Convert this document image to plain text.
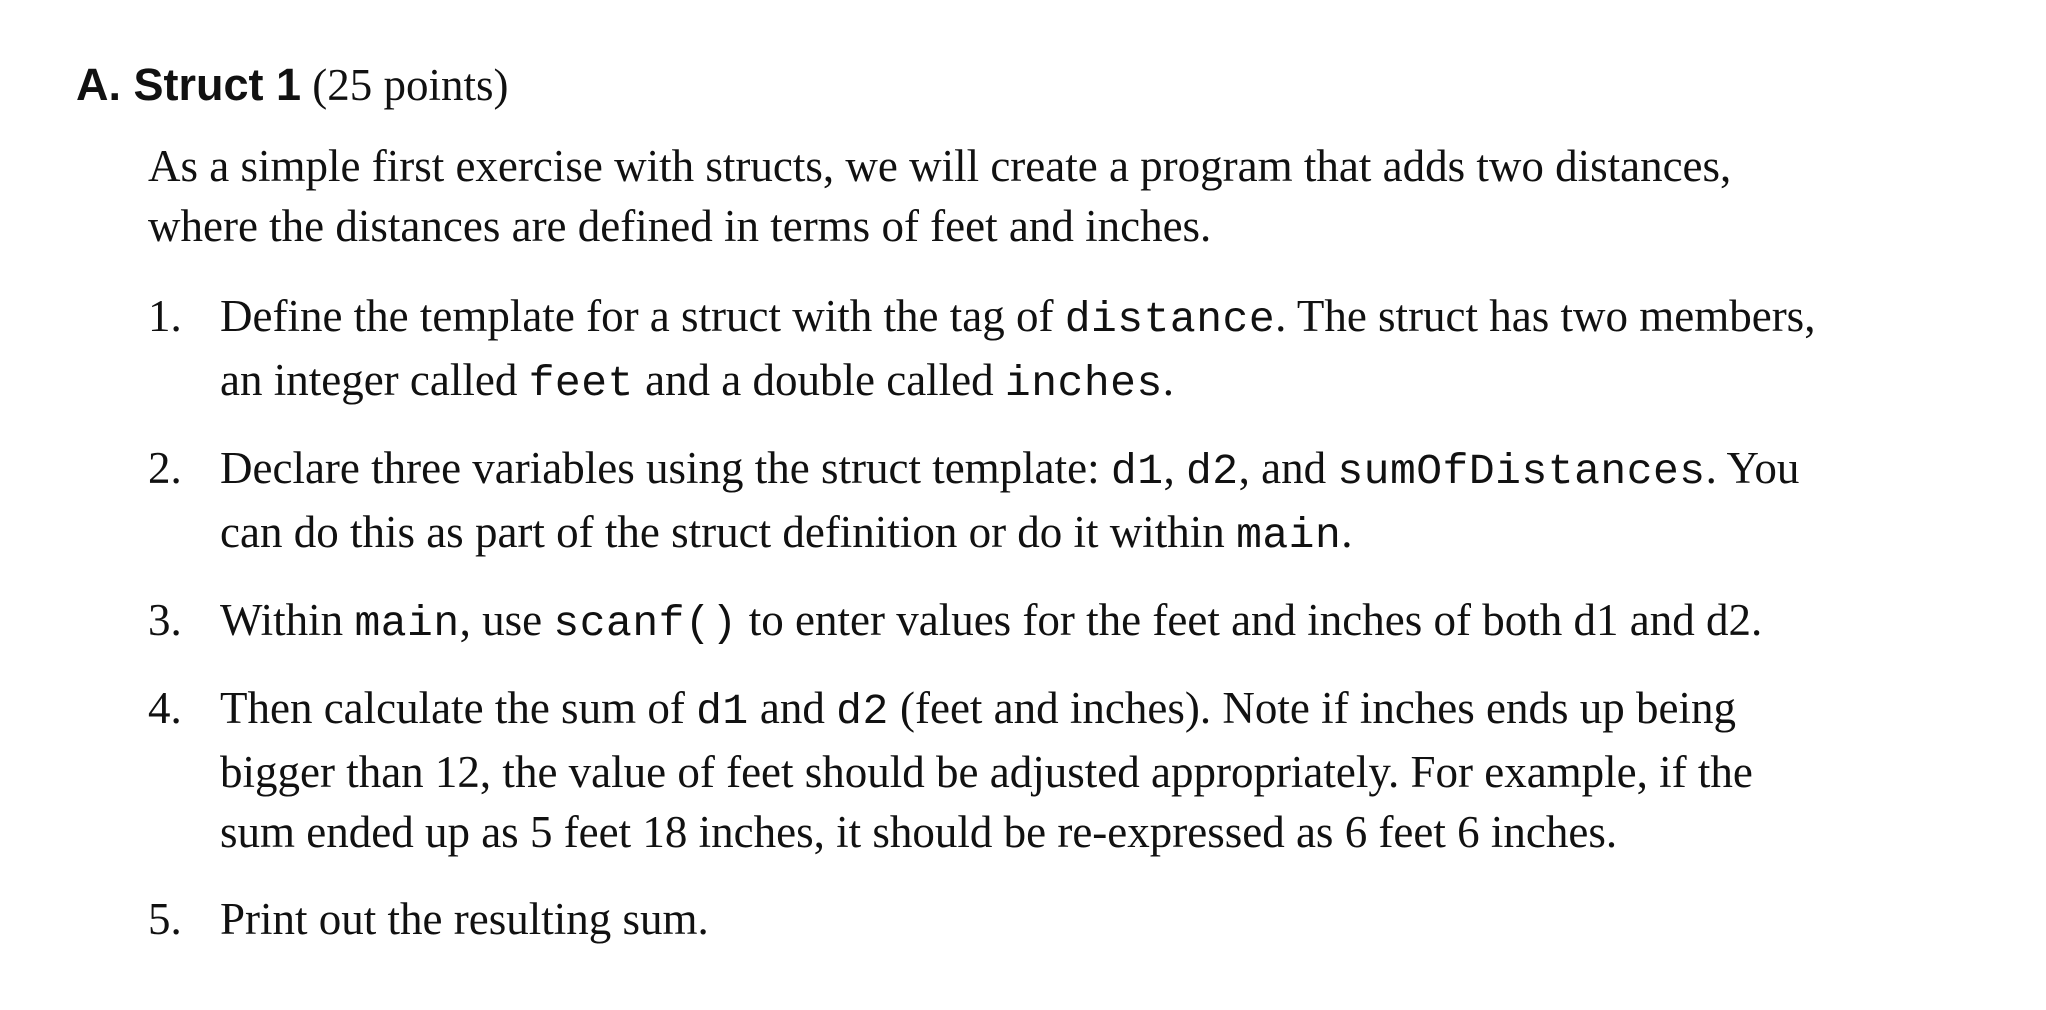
A. Struct 1 (25 points)
As a simple first exercise with structs, we will create a program that adds two distances,
where the distances are defined in terms of feet and inches.
1. Define the template for a struct with the tag of distance. The struct has two members,
an integer called feet and a double called inches.
2. Declare three variables using the struct template: d1, d2, and sumOfDistances. You
can do this as part of the struct definition or do it within main.
3. Within main, use scanf() to enter values for the feet and inches of both d1 and d2.
4. Then calculate the sum of d1 and d2 (feet and inches). Note if inches ends up being
bigger than 12, the value of feet should be adjusted appropriately. For example, if the
sum ended up as 5 feet 18 inches, it should be re-expressed as 6 feet 6 inches.
5. Print out the resulting sum.
